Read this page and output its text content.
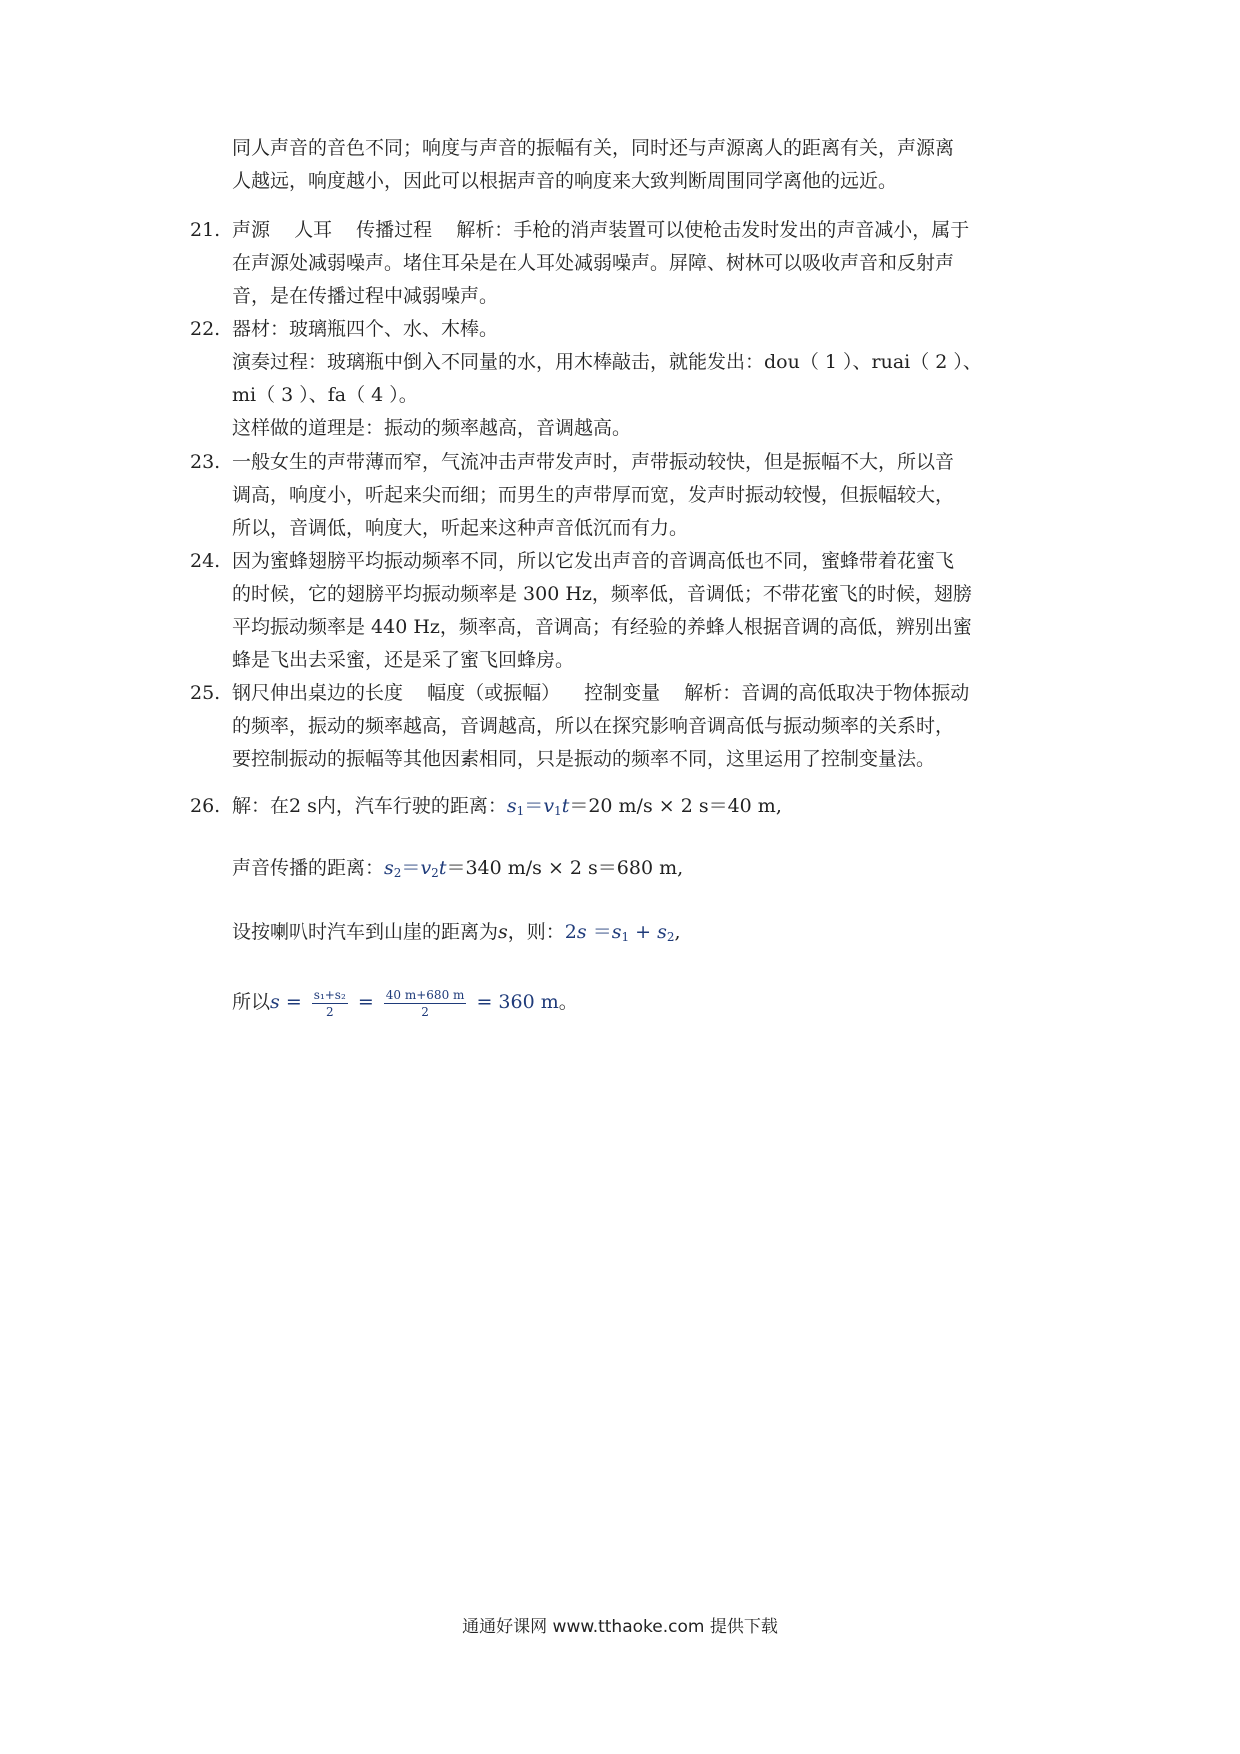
同人声音的音色不同；响度与声音的振幅有关，同时还与声源离人的距离有关，声源离
人越远，响度越小，因此可以根据声音的响度来大致判断周围同学离他的远近。
21. 声源 人耳 传播过程 解析：手枪的消声装置可以使枪击发时发出的声音减小，属于
在声源处减弱噪声。堵住耳朵是在人耳处减弱噪声。屏障、树林可以吸收声音和反射声
音，是在传播过程中减弱噪声。
22. 器材：玻璃瓶四个、水、木棒。
演奏过程：玻璃瓶中倒入不同量的水，用木棒敲击，就能发出：dou（ 1 ）、ruai（ 2 ）、
mi（ 3 ）、fa（ 4 ）。
这样做的道理是：振动的频率越高，音调越高。
23. 一般女生的声带薄而窄，气流冲击声带发声时，声带振动较快，但是振幅不大，所以音
调高，响度小，听起来尖而细；而男生的声带厚而宽，发声时振动较慢，但振幅较大，
所以，音调低，响度大，听起来这种声音低沉而有力。
24. 因为蜜蜂翅膀平均振动频率不同，所以它发出声音的音调高低也不同，蜜蜂带着花蜜飞
的时候，它的翅膀平均振动频率是 300 Hz，频率低，音调低；不带花蜜飞的时候，翅膀
平均振动频率是 440 Hz，频率高，音调高；有经验的养蜂人根据音调的高低，辨别出蜜
蜂是飞出去采蜜，还是采了蜜飞回蜂房。
25. 钢尺伸出桌边的长度 幅度（或振幅） 控制变量 解析：音调的高低取决于物体振动
的频率，振动的频率越高，音调越高，所以在探究影响音调高低与振动频率的关系时，
要控制振动的振幅等其他因素相同，只是振动的频率不同，这里运用了控制变量法。
26. 解：在2 s内，汽车行驶的距离：$s_1=v_1t=20$ m/s × 2 s＝40 m,
声音传播的距离：$s_2=v_2t=340$ m/s × 2 s＝680 m,
设按喇叭时汽车到山崖的距离为s，则：$2s =s_1 + s_2$,
所以$s = \frac{\text{s₁+s₂}}{2} = \frac{40 m+680 m}{2} = 360$ m。
通通好课网 www.tthaoke.com 提供下载
